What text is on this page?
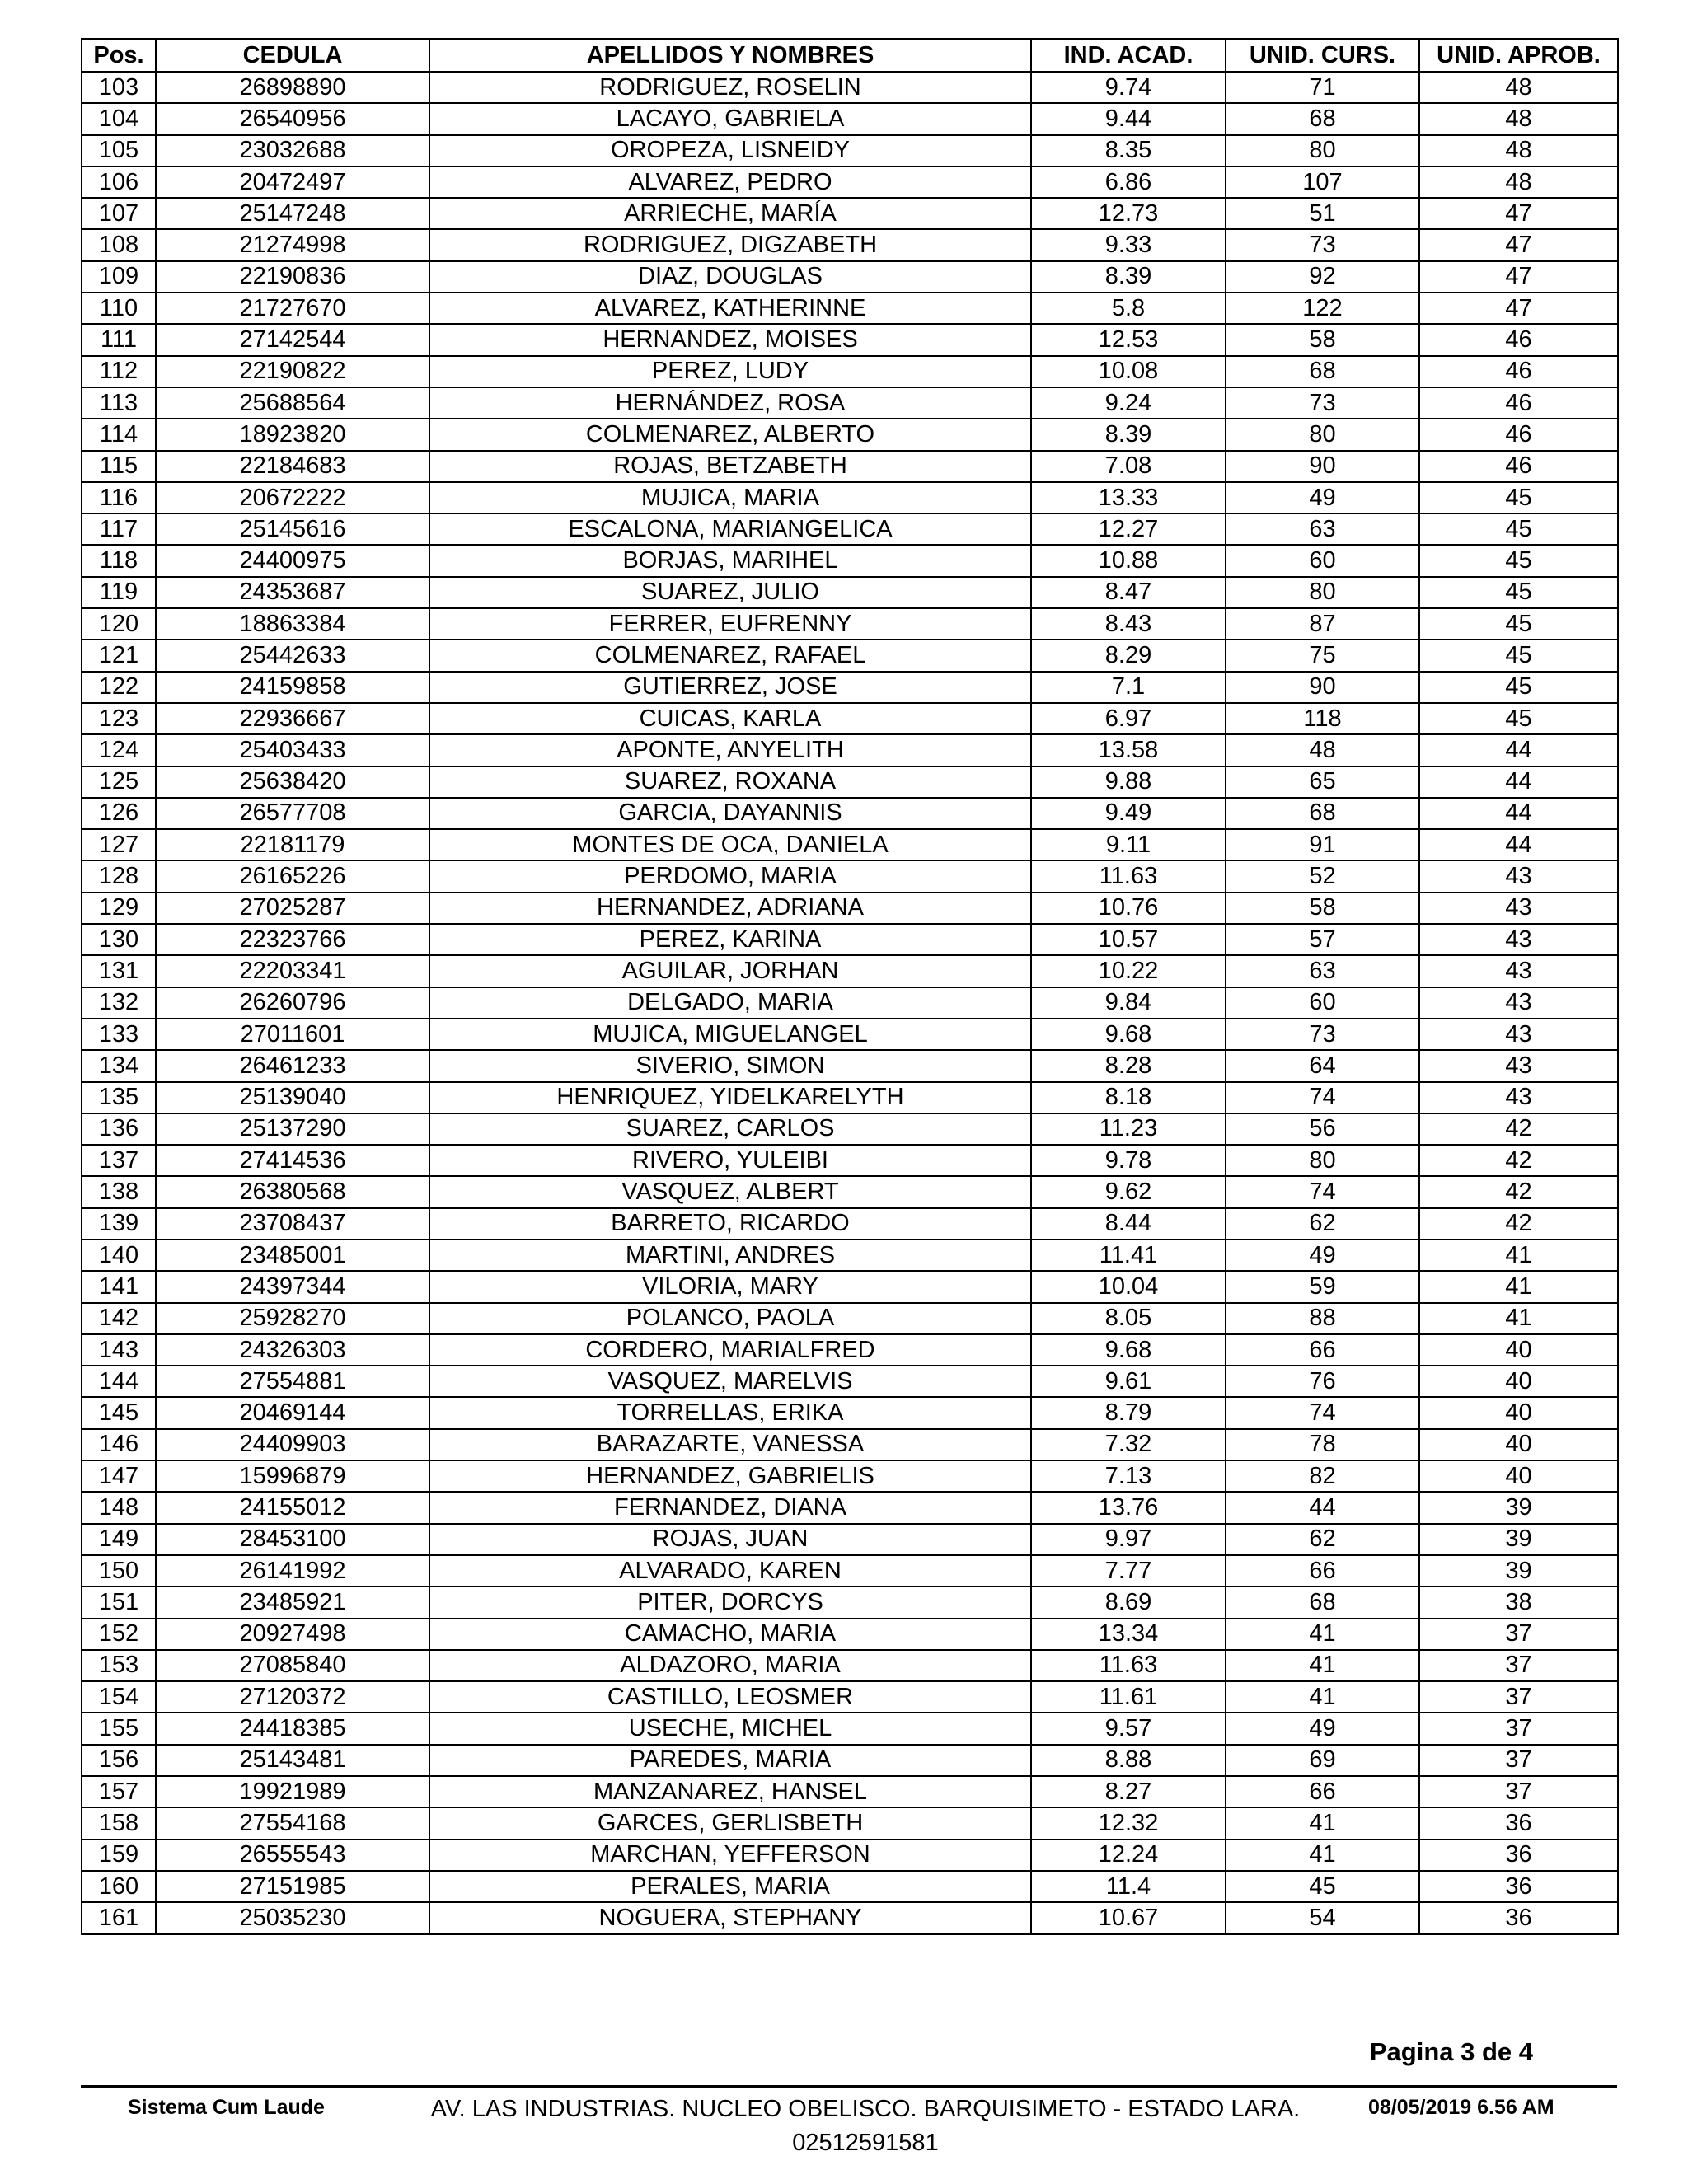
Pos.	CEDULA	APELLIDOS Y NOMBRES	IND. ACAD.	UNID. CURS.	UNID. APROB.
103	26898890	RODRIGUEZ, ROSELIN	9.74	71	48
104	26540956	LACAYO, GABRIELA	9.44	68	48
105	23032688	OROPEZA, LISNEIDY	8.35	80	48
106	20472497	ALVAREZ, PEDRO	6.86	107	48
107	25147248	ARRIECHE, MARÍA	12.73	51	47
108	21274998	RODRIGUEZ, DIGZABETH	9.33	73	47
109	22190836	DIAZ, DOUGLAS	8.39	92	47
110	21727670	ALVAREZ, KATHERINNE	5.8	122	47
111	27142544	HERNANDEZ, MOISES	12.53	58	46
112	22190822	PEREZ, LUDY	10.08	68	46
113	25688564	HERNÁNDEZ, ROSA	9.24	73	46
114	18923820	COLMENAREZ, ALBERTO	8.39	80	46
115	22184683	ROJAS, BETZABETH	7.08	90	46
116	20672222	MUJICA, MARIA	13.33	49	45
117	25145616	ESCALONA, MARIANGELICA	12.27	63	45
118	24400975	BORJAS, MARIHEL	10.88	60	45
119	24353687	SUAREZ, JULIO	8.47	80	45
120	18863384	FERRER, EUFRENNY	8.43	87	45
121	25442633	COLMENAREZ, RAFAEL	8.29	75	45
122	24159858	GUTIERREZ, JOSE	7.1	90	45
123	22936667	CUICAS, KARLA	6.97	118	45
124	25403433	APONTE, ANYELITH	13.58	48	44
125	25638420	SUAREZ, ROXANA	9.88	65	44
126	26577708	GARCIA, DAYANNIS	9.49	68	44
127	22181179	MONTES DE OCA, DANIELA	9.11	91	44
128	26165226	PERDOMO, MARIA	11.63	52	43
129	27025287	HERNANDEZ, ADRIANA	10.76	58	43
130	22323766	PEREZ, KARINA	10.57	57	43
131	22203341	AGUILAR, JORHAN	10.22	63	43
132	26260796	DELGADO, MARIA	9.84	60	43
133	27011601	MUJICA, MIGUELANGEL	9.68	73	43
134	26461233	SIVERIO, SIMON	8.28	64	43
135	25139040	HENRIQUEZ, YIDELKARELYTH	8.18	74	43
136	25137290	SUAREZ, CARLOS	11.23	56	42
137	27414536	RIVERO, YULEIBI	9.78	80	42
138	26380568	VASQUEZ, ALBERT	9.62	74	42
139	23708437	BARRETO, RICARDO	8.44	62	42
140	23485001	MARTINI, ANDRES	11.41	49	41
141	24397344	VILORIA, MARY	10.04	59	41
142	25928270	POLANCO, PAOLA	8.05	88	41
143	24326303	CORDERO, MARIALFRED	9.68	66	40
144	27554881	VASQUEZ, MARELVIS	9.61	76	40
145	20469144	TORRELLAS, ERIKA	8.79	74	40
146	24409903	BARAZARTE, VANESSA	7.32	78	40
147	15996879	HERNANDEZ, GABRIELIS	7.13	82	40
148	24155012	FERNANDEZ, DIANA	13.76	44	39
149	28453100	ROJAS, JUAN	9.97	62	39
150	26141992	ALVARADO, KAREN	7.77	66	39
151	23485921	PITER, DORCYS	8.69	68	38
152	20927498	CAMACHO, MARIA	13.34	41	37
153	27085840	ALDAZORO, MARIA	11.63	41	37
154	27120372	CASTILLO, LEOSMER	11.61	41	37
155	24418385	USECHE, MICHEL	9.57	49	37
156	25143481	PAREDES, MARIA	8.88	69	37
157	19921989	MANZANAREZ, HANSEL	8.27	66	37
158	27554168	GARCES, GERLISBETH	12.32	41	36
159	26555543	MARCHAN, YEFFERSON	12.24	41	36
160	27151985	PERALES, MARIA	11.4	45	36
161	25035230	NOGUERA, STEPHANY	10.67	54	36
Pagina 3 de 4
Sistema Cum Laude	AV. LAS INDUSTRIAS. NUCLEO OBELISCO. BARQUISIMETO - ESTADO LARA.
02512591581
08/05/2019 6.56 AM
